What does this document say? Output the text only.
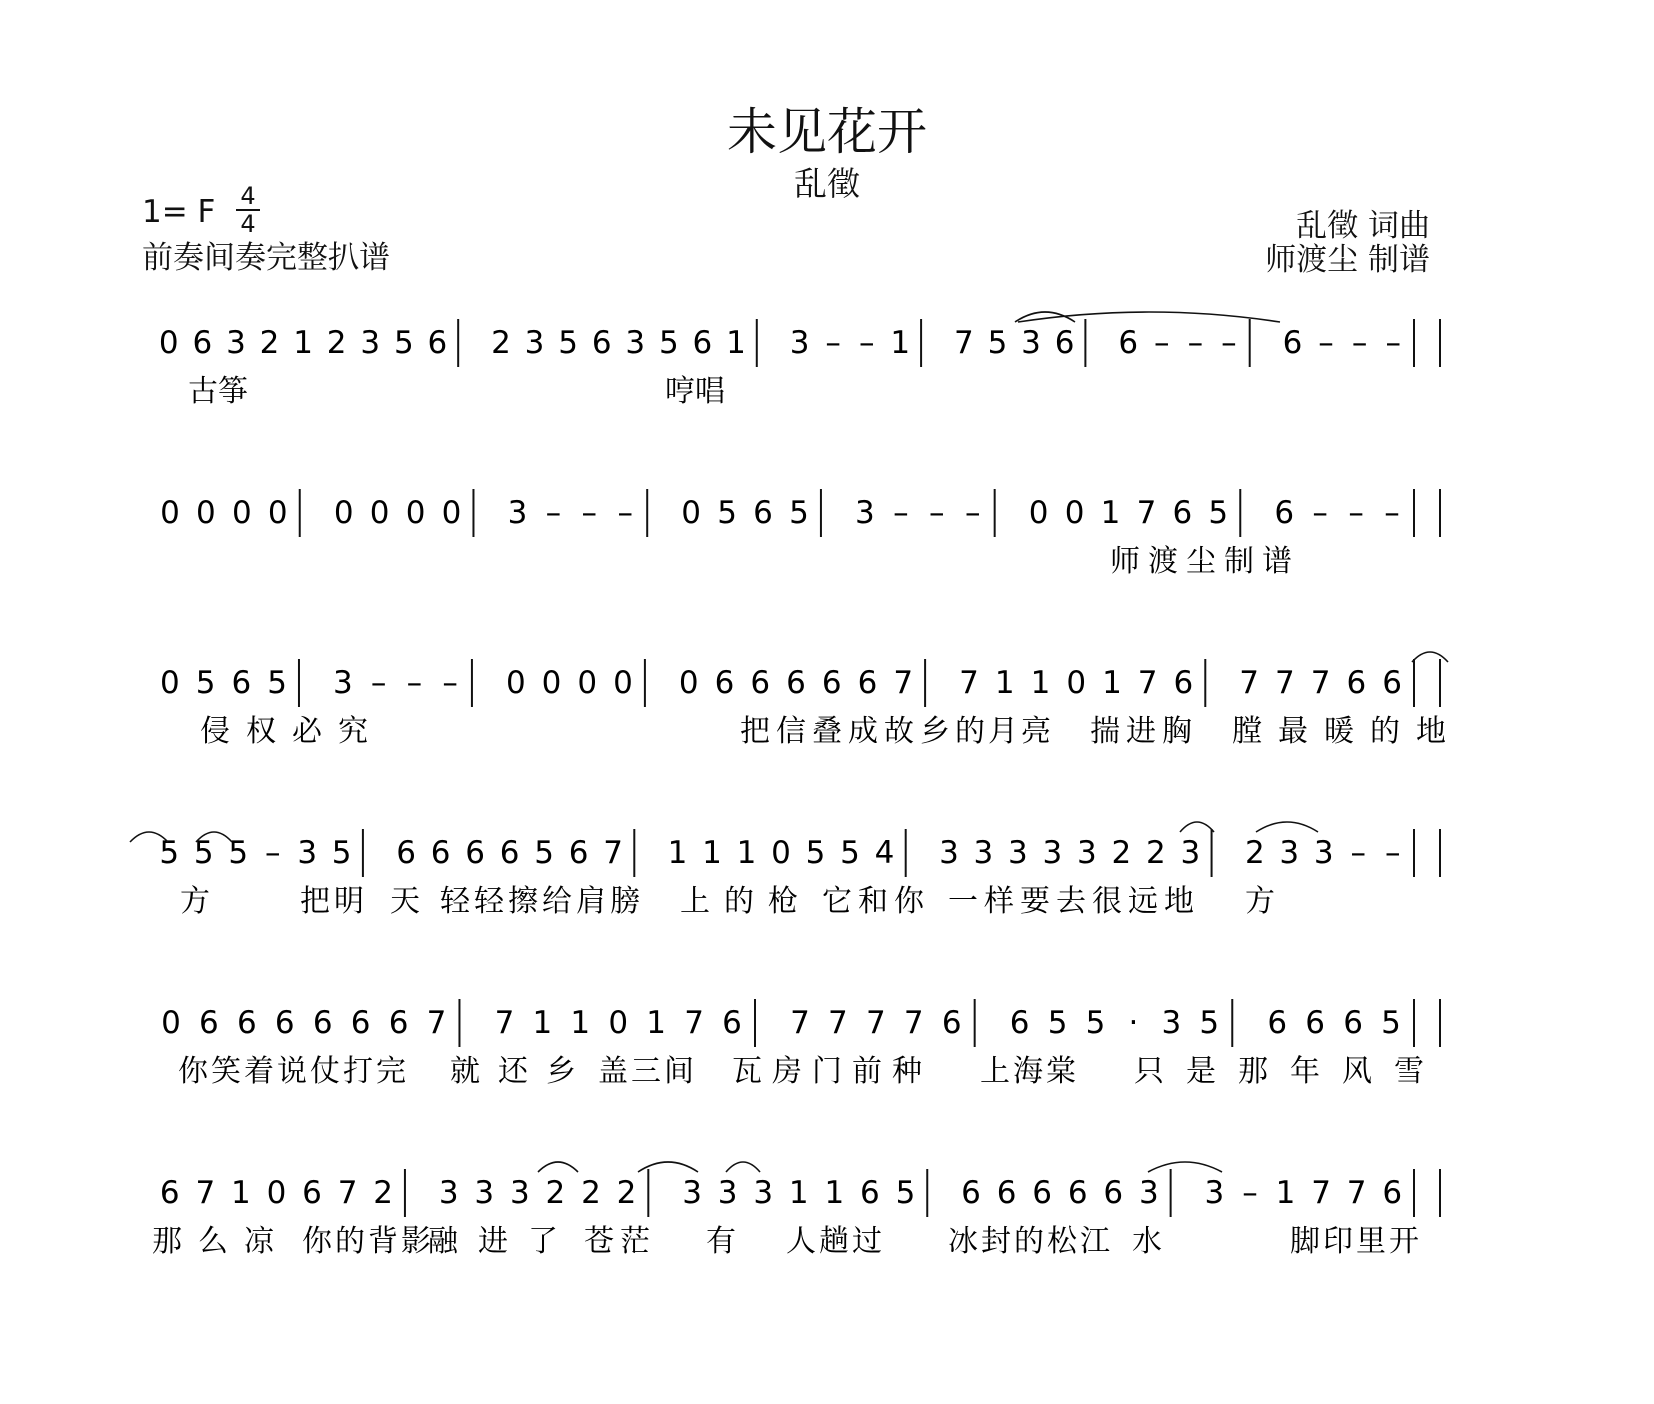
未见花开
乱徵
1= F 4
4
前奏间奏完整扒谱
乱徵 词曲
师渡尘 制谱
0 6 3 2 1 2 3 5 6 2 3 5 6 3 5 6 1 3 – – 1 7 5 3 6 6 – – – 6 – – –
古筝	哼唱
0 0 0 0 0 0 0 0 3 – – – 0 5 6 5 3 – – – 0 0 1 7 6 5 6 – – –
师 渡 尘 制 谱
0 5 6 5 3 – – – 0 0 0 0 0 6 6 6 6 6 7 7 1 1 0 1 7 6 7 7 7 6 6
侵 权 必 究	把 信 叠 成 故 乡 的 月 亮 揣 进 胸 膛 最 暖 的 地
5 5 5 – 3 5 6 6 6 6 5 6 7 1 1 1 0 5 5 4 3 3 3 3 3 2 2 3 2 3 3 – –
方	把 明 天 轻 轻 擦 给 肩 膀 上 的 枪 它 和 你 一 样 要 去 很 远 地 方
0 6 6 6 6 6 6 7 7 1 1 0 1 7 6 7 7 7 7 6 6 5 5 · 3 5 6 6 6 5
你 笑 着 说 仗 打 完 就 还 乡 盖 三 间 瓦 房 门 前 种 上 海 棠 只 是 那 年 风 雪
6 7 1 0 6 7 2 3 3 3 2 2 2 3 3 3 1 1 6 5 6 6 6 6 6 3 3 – 1 7 7 6
那 么 凉 你 的 背 影
融 进 了 苍 茫 有 人 趟 过 冰 封 的 松 江 水	脚 印 里 开
